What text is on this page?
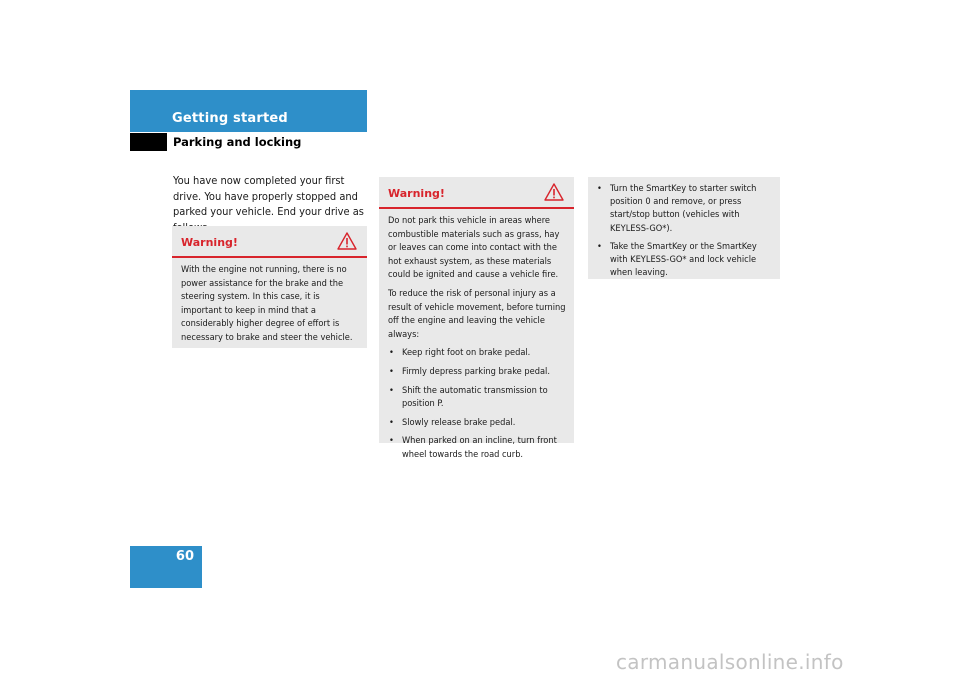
Getting started
Parking and locking

You have now completed your first drive. You have properly stopped and parked your vehicle. End your drive as

Warning!

With the engine not running, there is no power assistance for the brake and the steering system. In this case, it is important to keep in mind that a considerably higher degree of effort is necessary to brake and steer the vehicle.

Warning!

Do not park this vehicle in areas where combustible materials such as grass, hay or leaves can come into contact with the hot exhaust system, as these materials could be ignited and cause a vehicle fire.

To reduce the risk of personal injury as a result of vehicle movement, before turning off the engine and leaving the vehicle always:

• Keep right foot on brake pedal.
• Firmly depress parking brake pedal.
• Shift the automatic transmission to position P.
• Slowly release brake pedal.
• When parked on an incline, turn front wheel towards the road curb.
• Turn the SmartKey to starter switch position 0 and remove, or press start/stop button (vehicles with KEYLESS-GO*).
• Take the SmartKey or the SmartKey with KEYLESS-GO* and lock vehicle when leaving.
60
carmanualsonline.info
